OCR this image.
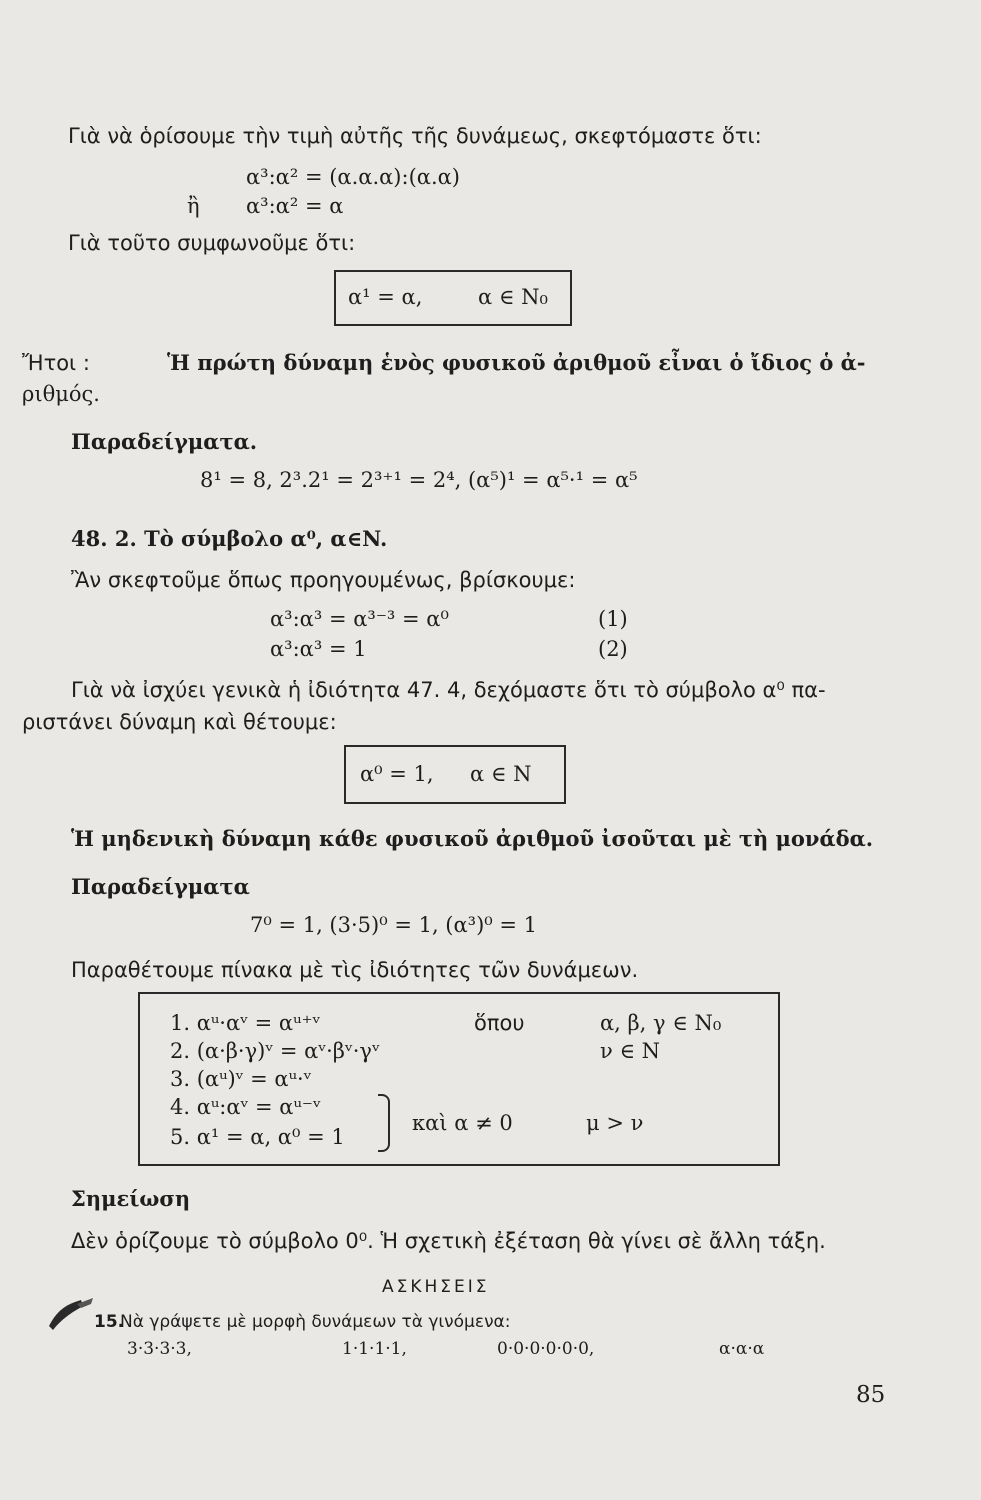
Γιὰ νὰ ὁρίσουμε τὴν τιμὴ αὐτῆς τῆς δυνάμεως, σκεφτόμαστε ὅτι:
α³:α² = (α.α.α):(α.α)
ἢ α³:α² = α
Γιὰ τοῦτο συμφωνοῦμε ὅτι:
α¹ = α,	α ∈ N₀
Ἤτοι :	Ἡ πρώτη δύναμη ἑνὸς φυσικοῦ ἀριθμοῦ εἶναι ὁ ἴδιος ὁ ἀ-
ριθμός.
Παραδείγματα.
8¹ = 8, 2³.2¹ = 2³⁺¹ = 2⁴, (α⁵)¹ = α⁵·¹ = α⁵
48. 2. Τὸ σύμβολο α⁰, α∈N.
Ἂν σκεφτοῦμε ὅπως προηγουμένως, βρίσκουμε:
α³:α³ = α³⁻³ = α⁰	(1)
α³:α³ = 1	(2)
Γιὰ νὰ ἰσχύει γενικὰ ἡ ἰδιότητα 47. 4, δεχόμαστε ὅτι τὸ σύμβολο α⁰ πα-
ριστάνει δύναμη καὶ θέτουμε:
α⁰ = 1, α ∈ N
Ἡ μηδενικὴ δύναμη κάθε φυσικοῦ ἀριθμοῦ ἰσοῦται μὲ τὴ μονάδα.
Παραδείγματα
7⁰ = 1, (3·5)⁰ = 1, (α³)⁰ = 1
Παραθέτουμε πίνακα μὲ τὶς ἰδιότητες τῶν δυνάμεων.
1. αᵘ·αᵛ = αᵘ⁺ᵛ
2. (α·β·γ)ᵛ = αᵛ·βᵛ·γᵛ
3. (αᵘ)ᵛ = αᵘ·ᵛ
4. αᵘ:αᵛ = αᵘ⁻ᵛ
5. α¹ = α, α⁰ = 1
ὅπου	α, β, γ ∈ N₀
ν ∈ N
καὶ α ≠ 0	μ > ν
Σημείωση
Δὲν ὁρίζουμε τὸ σύμβολο 0⁰. Ἡ σχετικὴ ἐξέταση θὰ γίνει σὲ ἄλλη τάξη.
ΑΣΚΗΣΕΙΣ
15.
Νὰ γράψετε μὲ μορφὴ δυνάμεων τὰ γινόμενα:
3·3·3·3,	1·1·1·1,	0·0·0·0·0·0,	α·α·α
85
